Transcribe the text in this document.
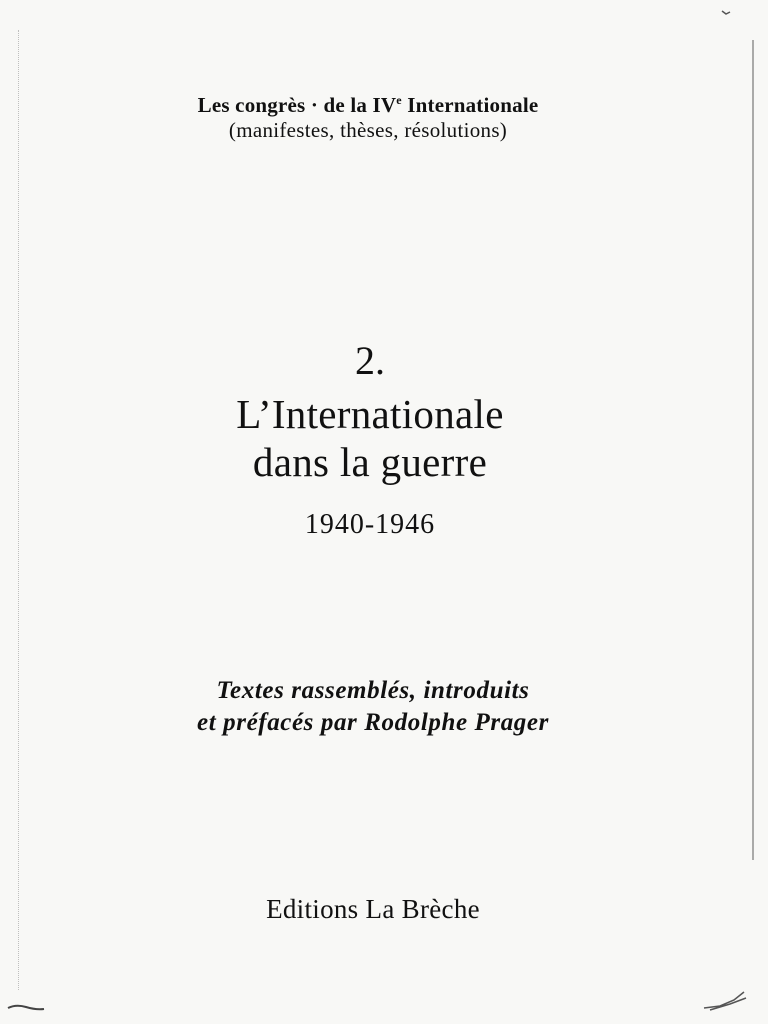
Les congrès · de la IVe Internationale
(manifestes, thèses, résolutions)
2.
L’Internationale
dans la guerre
1940-1946
Textes rassemblés, introduits
et préfacés par Rodolphe Prager
Editions La Brèche
